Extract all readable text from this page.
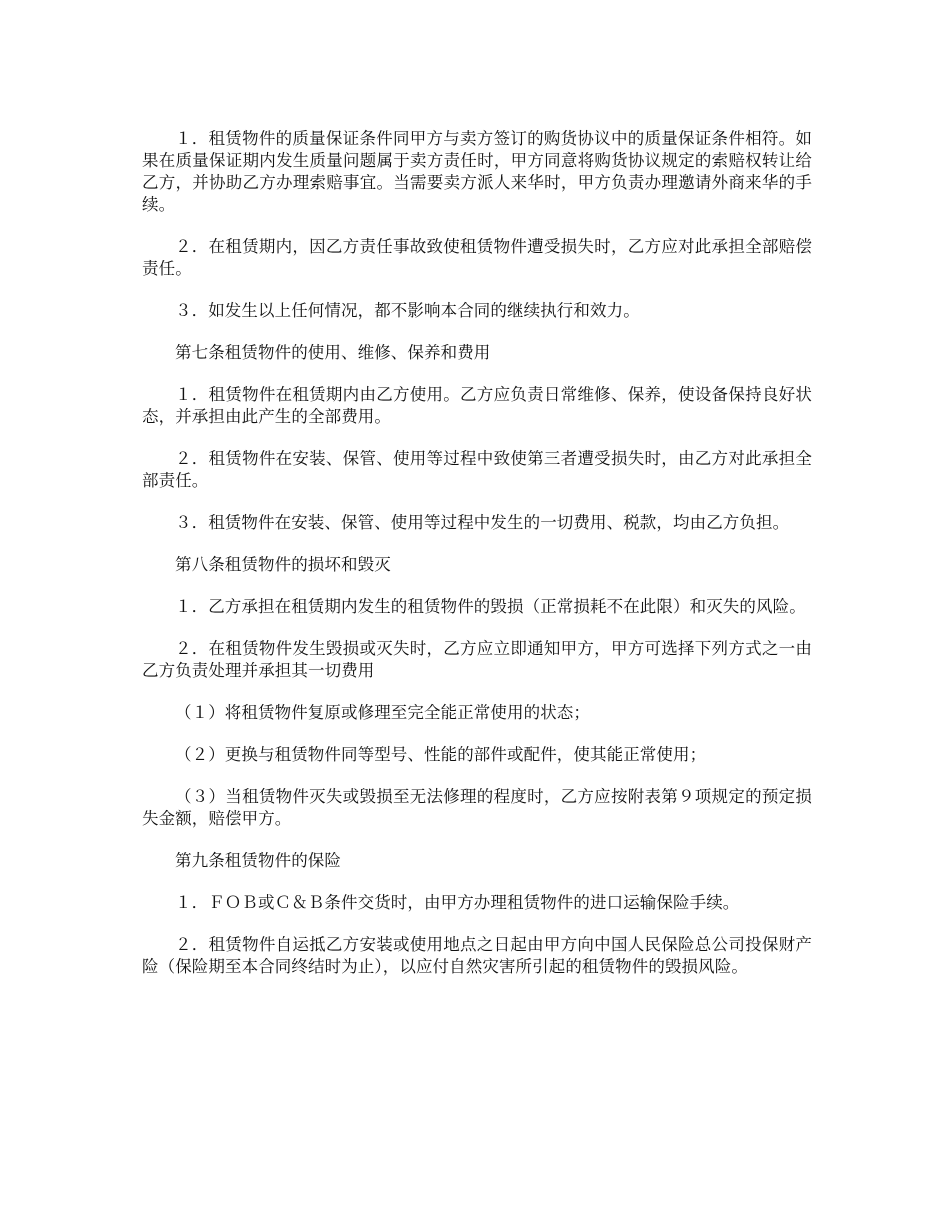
１．租赁物件的质量保证条件同甲方与卖方签订的购货协议中的质量保证条件相符。如果在质量保证期内发生质量问题属于卖方责任时，甲方同意将购货协议规定的索赔权转让给乙方，并协助乙方办理索赔事宜。当需要卖方派人来华时，甲方负责办理邀请外商来华的手续。

２．在租赁期内，因乙方责任事故致使租赁物件遭受损失时，乙方应对此承担全部赔偿责任。

３．如发生以上任何情况，都不影响本合同的继续执行和效力。

第七条租赁物件的使用、维修、保养和费用

１．租赁物件在租赁期内由乙方使用。乙方应负责日常维修、保养，使设备保持良好状态，并承担由此产生的全部费用。

２．租赁物件在安装、保管、使用等过程中致使第三者遭受损失时，由乙方对此承担全部责任。

３．租赁物件在安装、保管、使用等过程中发生的一切费用、税款，均由乙方负担。

第八条租赁物件的损坏和毁灭

１．乙方承担在租赁期内发生的租赁物件的毁损（正常损耗不在此限）和灭失的风险。

２．在租赁物件发生毁损或灭失时，乙方应立即通知甲方，甲方可选择下列方式之一由乙方负责处理并承担其一切费用

（１）将租赁物件复原或修理至完全能正常使用的状态；

（２）更换与租赁物件同等型号、性能的部件或配件，使其能正常使用；

（３）当租赁物件灭失或毁损至无法修理的程度时，乙方应按附表第９项规定的预定损失金额，赔偿甲方。

第九条租赁物件的保险

１．ＦＯＢ或Ｃ＆Ｂ条件交货时，由甲方办理租赁物件的进口运输保险手续。

２．租赁物件自运抵乙方安装或使用地点之日起由甲方向中国人民保险总公司投保财产险（保险期至本合同终结时为止），以应付自然灾害所引起的租赁物件的毁损风险。
